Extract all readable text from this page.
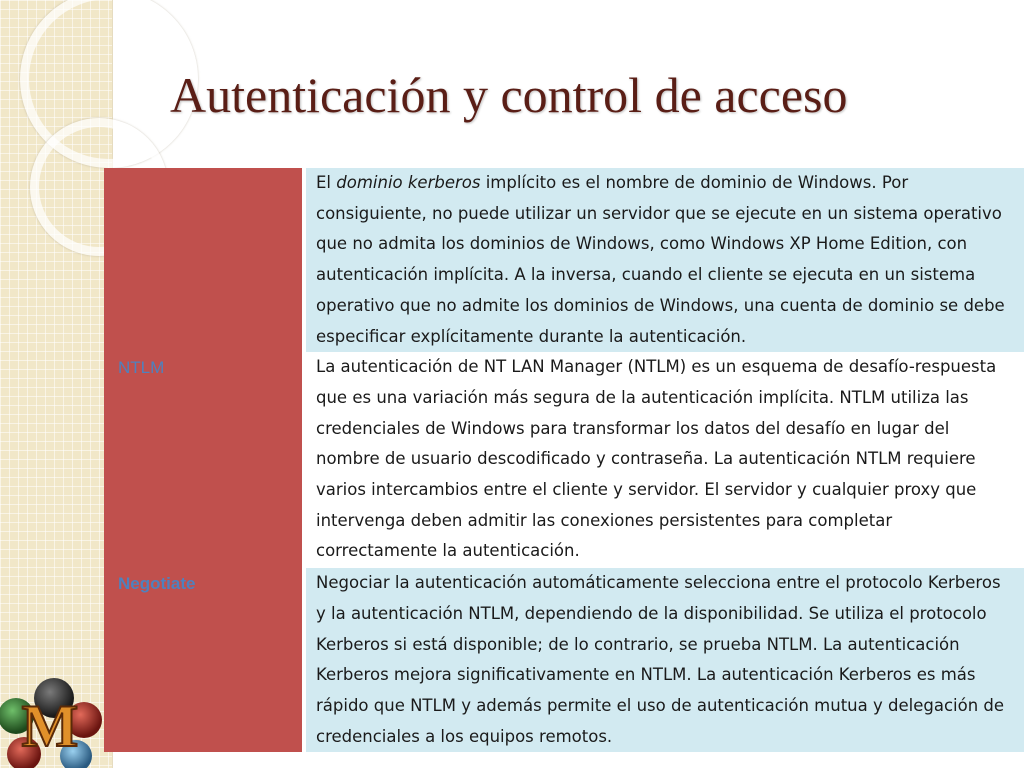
Autenticación y control de acceso
		El dominio kerberos implícito es el nombre de dominio de Windows. Por consiguiente, no puede utilizar un servidor que se ejecute en un sistema operativo que no admita los dominios de Windows, como Windows XP Home Edition, con autenticación implícita. A la inversa, cuando el cliente se ejecuta en un sistema operativo que no admite los dominios de Windows, una cuenta de dominio se debe especificar explícitamente durante la autenticación.
NTLM		La autenticación de NT LAN Manager (NTLM) es un esquema de desafío-respuesta que es una variación más segura de la autenticación implícita. NTLM utiliza las credenciales de Windows para transformar los datos del desafío en lugar del nombre de usuario descodificado y contraseña. La autenticación NTLM requiere varios intercambios entre el cliente y servidor. El servidor y cualquier proxy que intervenga deben admitir las conexiones persistentes para completar correctamente la autenticación.
Negotiate		Negociar la autenticación automáticamente selecciona entre el protocolo Kerberos y la autenticación NTLM, dependiendo de la disponibilidad. Se utiliza el protocolo Kerberos si está disponible; de lo contrario, se prueba NTLM. La autenticación Kerberos mejora significativamente en NTLM. La autenticación Kerberos es más rápido que NTLM y además permite el uso de autenticación mutua y delegación de credenciales a los equipos remotos.
M
